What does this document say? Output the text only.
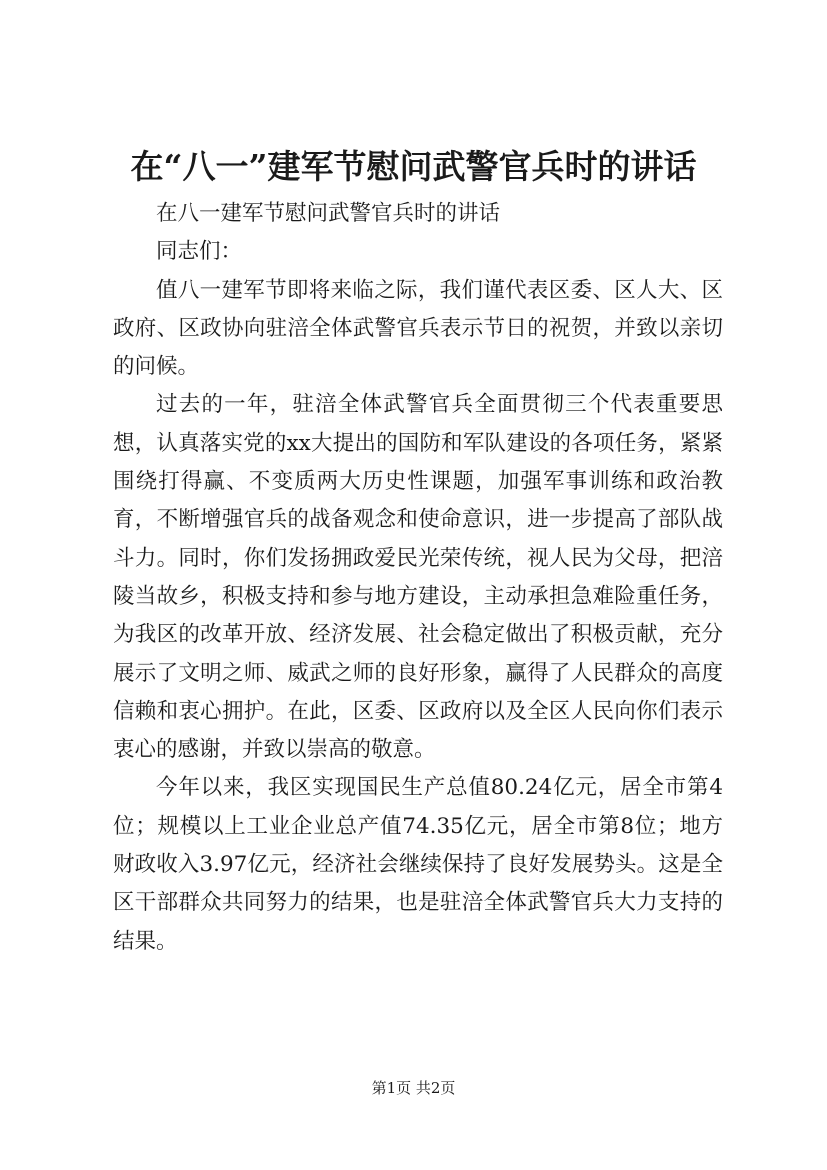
在“八一”建军节慰问武警官兵时的讲话

在八一建军节慰问武警官兵时的讲话

同志们：

值八一建军节即将来临之际，我们谨代表区委、区人大、区政府、区政协向驻涪全体武警官兵表示节日的祝贺，并致以亲切的问候。

过去的一年，驻涪全体武警官兵全面贯彻三个代表重要思想，认真落实党的xx大提出的国防和军队建设的各项任务，紧紧围绕打得赢、不变质两大历史性课题，加强军事训练和政治教育，不断增强官兵的战备观念和使命意识，进一步提高了部队战斗力。同时，你们发扬拥政爱民光荣传统，视人民为父母，把涪陵当故乡，积极支持和参与地方建设，主动承担急难险重任务，为我区的改革开放、经济发展、社会稳定做出了积极贡献，充分展示了文明之师、威武之师的良好形象，赢得了人民群众的高度信赖和衷心拥护。在此，区委、区政府以及全区人民向你们表示衷心的感谢，并致以崇高的敬意。

今年以来，我区实现国民生产总值80.24亿元，居全市第4位；规模以上工业企业总产值74.35亿元，居全市第8位；地方财政收入3.97亿元，经济社会继续保持了良好发展势头。这是全区干部群众共同努力的结果，也是驻涪全体武警官兵大力支持的结果。

第1页 共2页
